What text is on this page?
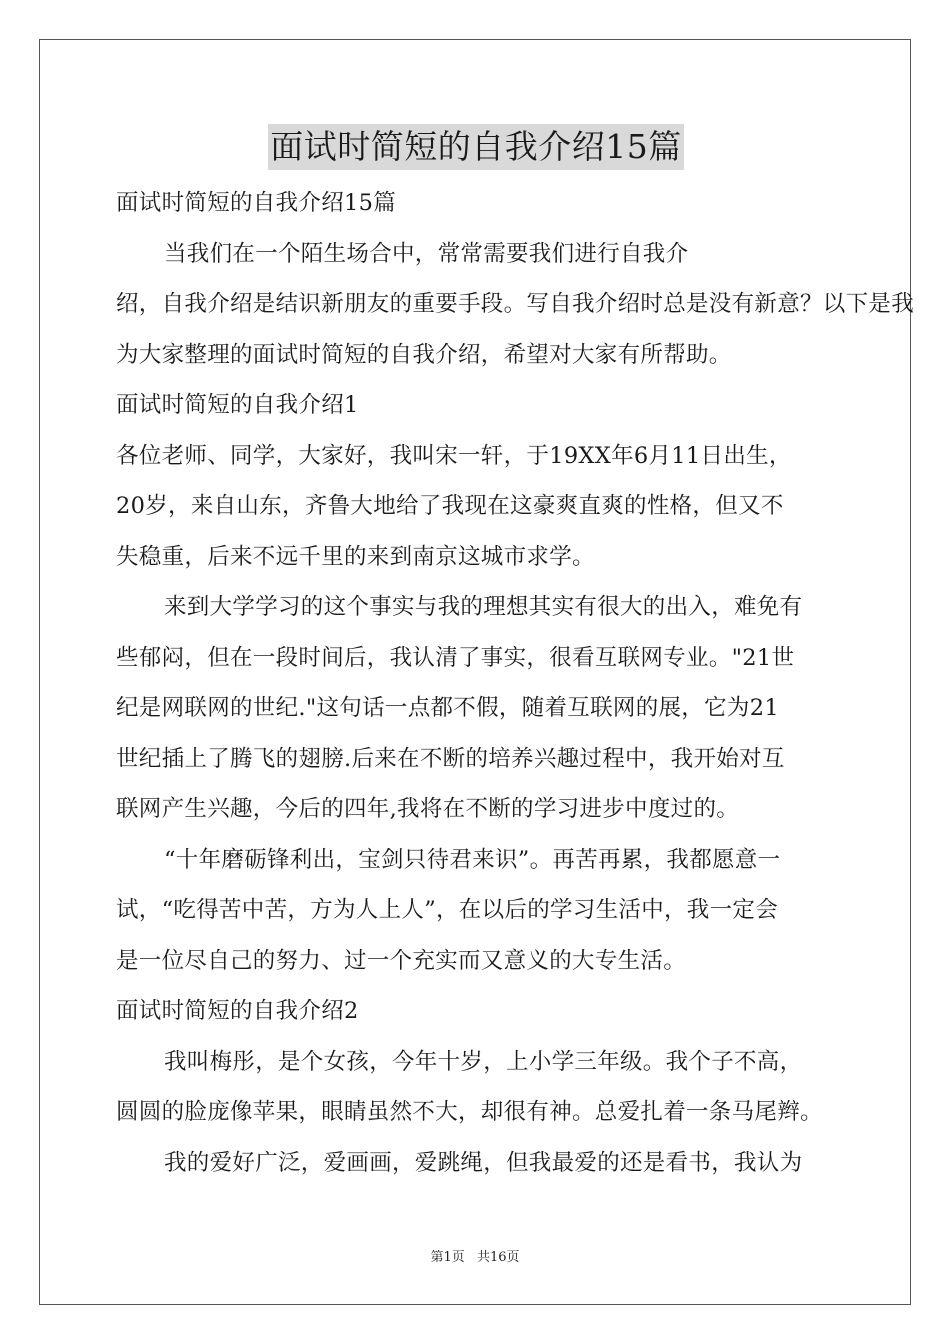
面试时简短的自我介绍15篇
面试时简短的自我介绍15篇
当我们在一个陌生场合中，常常需要我们进行自我介
绍，自我介绍是结识新朋友的重要手段。写自我介绍时总是没有新意？以下是我
为大家整理的面试时简短的自我介绍，希望对大家有所帮助。
面试时简短的自我介绍1
各位老师、同学，大家好，我叫宋一轩，于19XX年6月11日出生，
20岁，来自山东，齐鲁大地给了我现在这豪爽直爽的性格，但又不
失稳重，后来不远千里的来到南京这城市求学。
来到大学学习的这个事实与我的理想其实有很大的出入，难免有
些郁闷，但在一段时间后，我认清了事实，很看互联网专业。"21世
纪是网联网的世纪."这句话一点都不假，随着互联网的展，它为21
世纪插上了腾飞的翅膀.后来在不断的培养兴趣过程中，我开始对互
联网产生兴趣，今后的四年,我将在不断的学习进步中度过的。
“十年磨砺锋利出，宝剑只待君来识”。再苦再累，我都愿意一
试，“吃得苦中苦，方为人上人”，在以后的学习生活中，我一定会
是一位尽自己的努力、过一个充实而又意义的大专生活。
面试时简短的自我介绍2
我叫梅彤，是个女孩，今年十岁，上小学三年级。我个子不高，
圆圆的脸庞像苹果，眼睛虽然不大，却很有神。总爱扎着一条马尾辫。
我的爱好广泛，爱画画，爱跳绳，但我最爱的还是看书，我认为
第1页 共16页
